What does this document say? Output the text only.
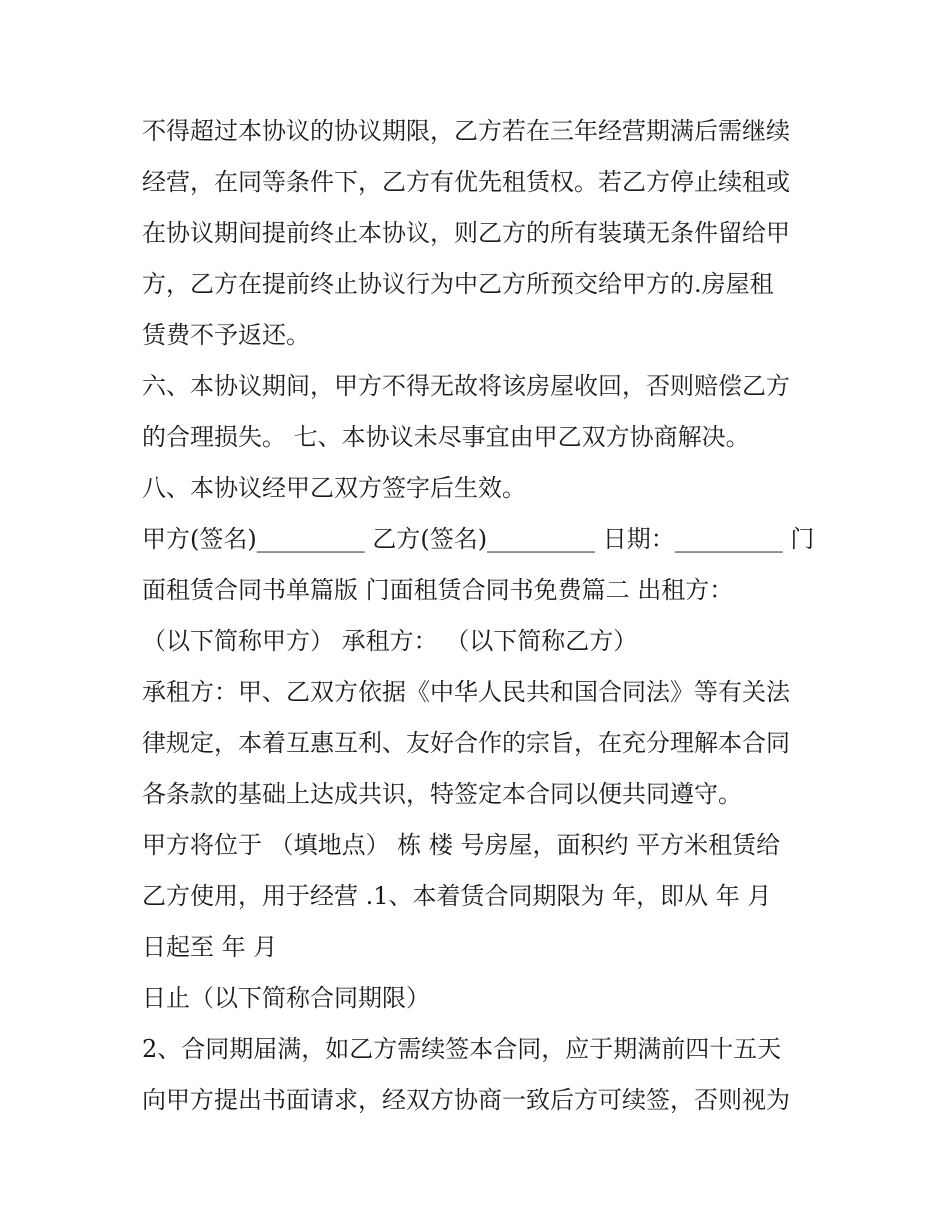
不得超过本协议的协议期限，乙方若在三年经营期满后需继续
经营，在同等条件下，乙方有优先租赁权。若乙方停止续租或
在协议期间提前终止本协议，则乙方的所有装璜无条件留给甲
方，乙方在提前终止协议行为中乙方所预交给甲方的.房屋租
赁费不予返还。
六、本协议期间，甲方不得无故将该房屋收回，否则赔偿乙方
的合理损失。 七、本协议未尽事宜由甲乙双方协商解决。
八、本协议经甲乙双方签字后生效。
甲方(签名)_________ 乙方(签名)_________ 日期：_________ 门
面租赁合同书单篇版 门面租赁合同书免费篇二 出租方：
（以下简称甲方） 承租方： （以下简称乙方）
承租方：甲、乙双方依据《中华人民共和国合同法》等有关法
律规定，本着互惠互利、友好合作的宗旨，在充分理解本合同
各条款的基础上达成共识，特签定本合同以便共同遵守。
甲方将位于 （填地点） 栋 楼 号房屋，面积约 平方米租赁给
乙方使用，用于经营 .1、本着赁合同期限为 年，即从 年 月
日起至 年 月
日止（以下简称合同期限）
2、合同期届满，如乙方需续签本合同，应于期满前四十五天
向甲方提出书面请求，经双方协商一致后方可续签，否则视为
